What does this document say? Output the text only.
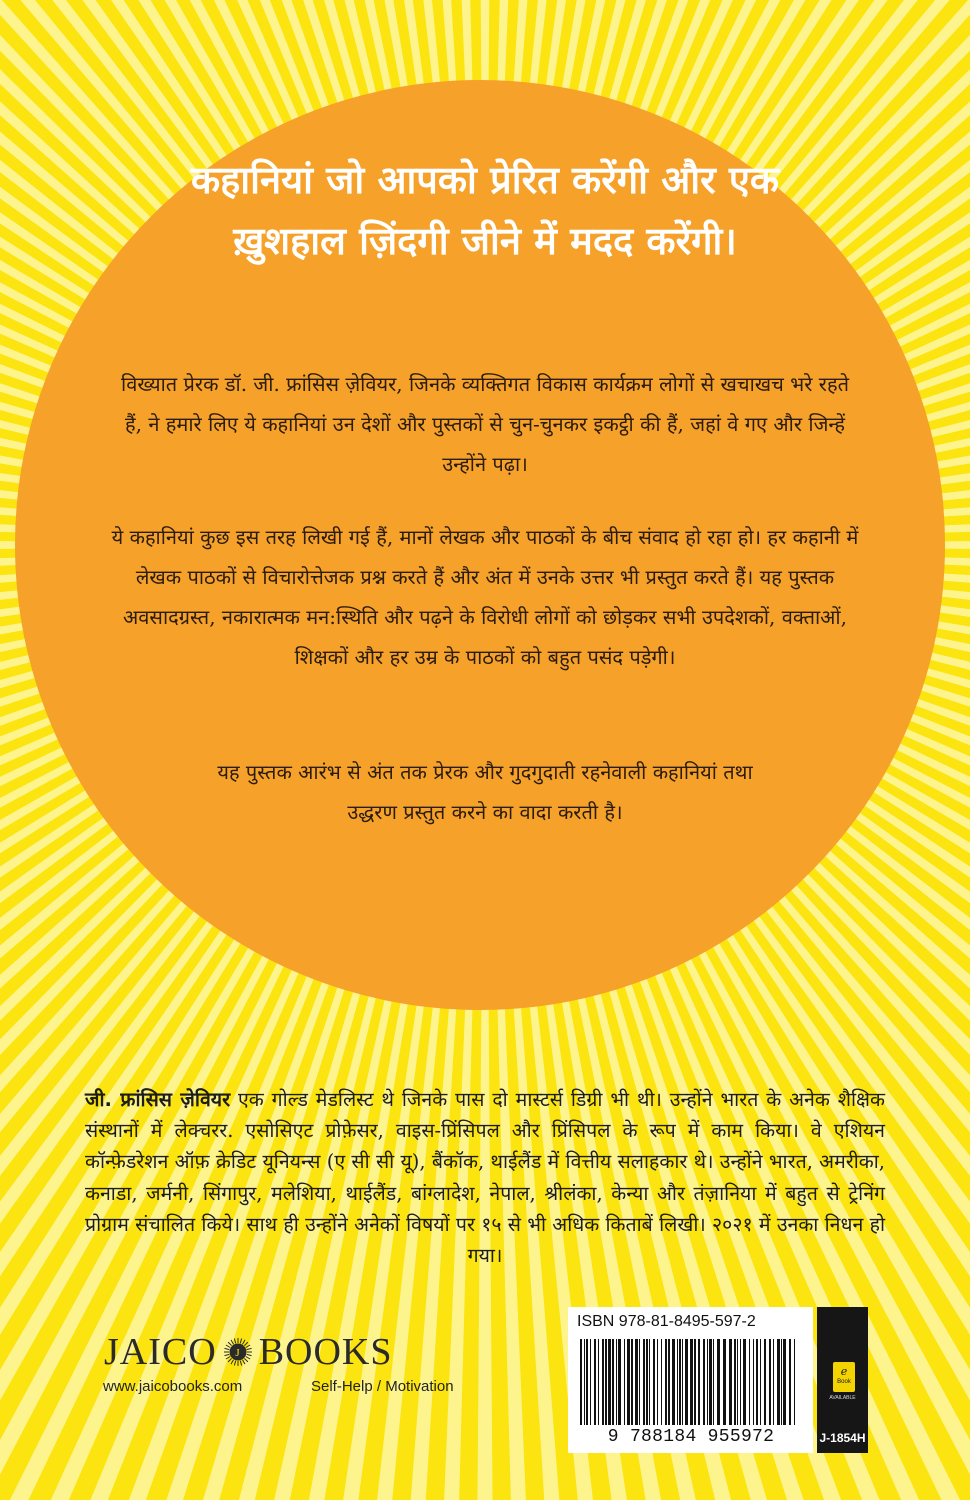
कहानियां जो आपको प्रेरित करेंगी और एक ख़ुशहाल ज़िंदगी जीने में मदद करेंगी।

विख्यात प्रेरक डॉ. जी. फ्रांसिस ज़ेवियर, जिनके व्यक्तिगत विकास कार्यक्रम लोगों से खचाखच भरे रहते हैं, ने हमारे लिए ये कहानियां उन देशों और पुस्तकों से चुन-चुनकर इकट्ठी की हैं, जहां वे गए और जिन्हें उन्होंने पढ़ा।

ये कहानियां कुछ इस तरह लिखी गई हैं, मानों लेखक और पाठकों के बीच संवाद हो रहा हो। हर कहानी में लेखक पाठकों से विचारोत्तेजक प्रश्न करते हैं और अंत में उनके उत्तर भी प्रस्तुत करते हैं। यह पुस्तक अवसादग्रस्त, नकारात्मक मन:स्थिति और पढ़ने के विरोधी लोगों को छोड़कर सभी उपदेशकों, वक्ताओं, शिक्षकों और हर उम्र के पाठकों को बहुत पसंद पड़ेगी।

यह पुस्तक आरंभ से अंत तक प्रेरक और गुदगुदाती रहनेवाली कहानियां तथा उद्धरण प्रस्तुत करने का वादा करती है।

जी. फ्रांसिस ज़ेवियर एक गोल्ड मेडलिस्ट थे जिनके पास दो मास्टर्स डिग्री भी थी। उन्होंने भारत के अनेक शैक्षिक संस्थानों में लेक्चरर. एसोसिएट प्रोफ़ेसर, वाइस-प्रिंसिपल और प्रिंसिपल के रूप में काम किया। वे एशियन कॉन्फ़ेडरेशन ऑफ़ क्रेडिट यूनियन्स (ए सी सी यू), बैंकॉक, थाईलैंड में वित्तीय सलाहकार थे। उन्होंने भारत, अमरीका, कनाडा, जर्मनी, सिंगापुर, मलेशिया, थाईलैंड, बांग्लादेश, नेपाल, श्रीलंका, केन्या और तंज़ानिया में बहुत से ट्रेनिंग प्रोग्राम संचालित किये। साथ ही उन्होंने अनेकों विषयों पर १५ से भी अधिक किताबें लिखी। २०२१ में उनका निधन हो गया।

JAICO J BOOKS
www.jaicobooks.com	Self-Help / Motivation
ISBN 978-81-8495-597-2
9 788184 955972
e
Book
AVAILABLE
J-1854H
